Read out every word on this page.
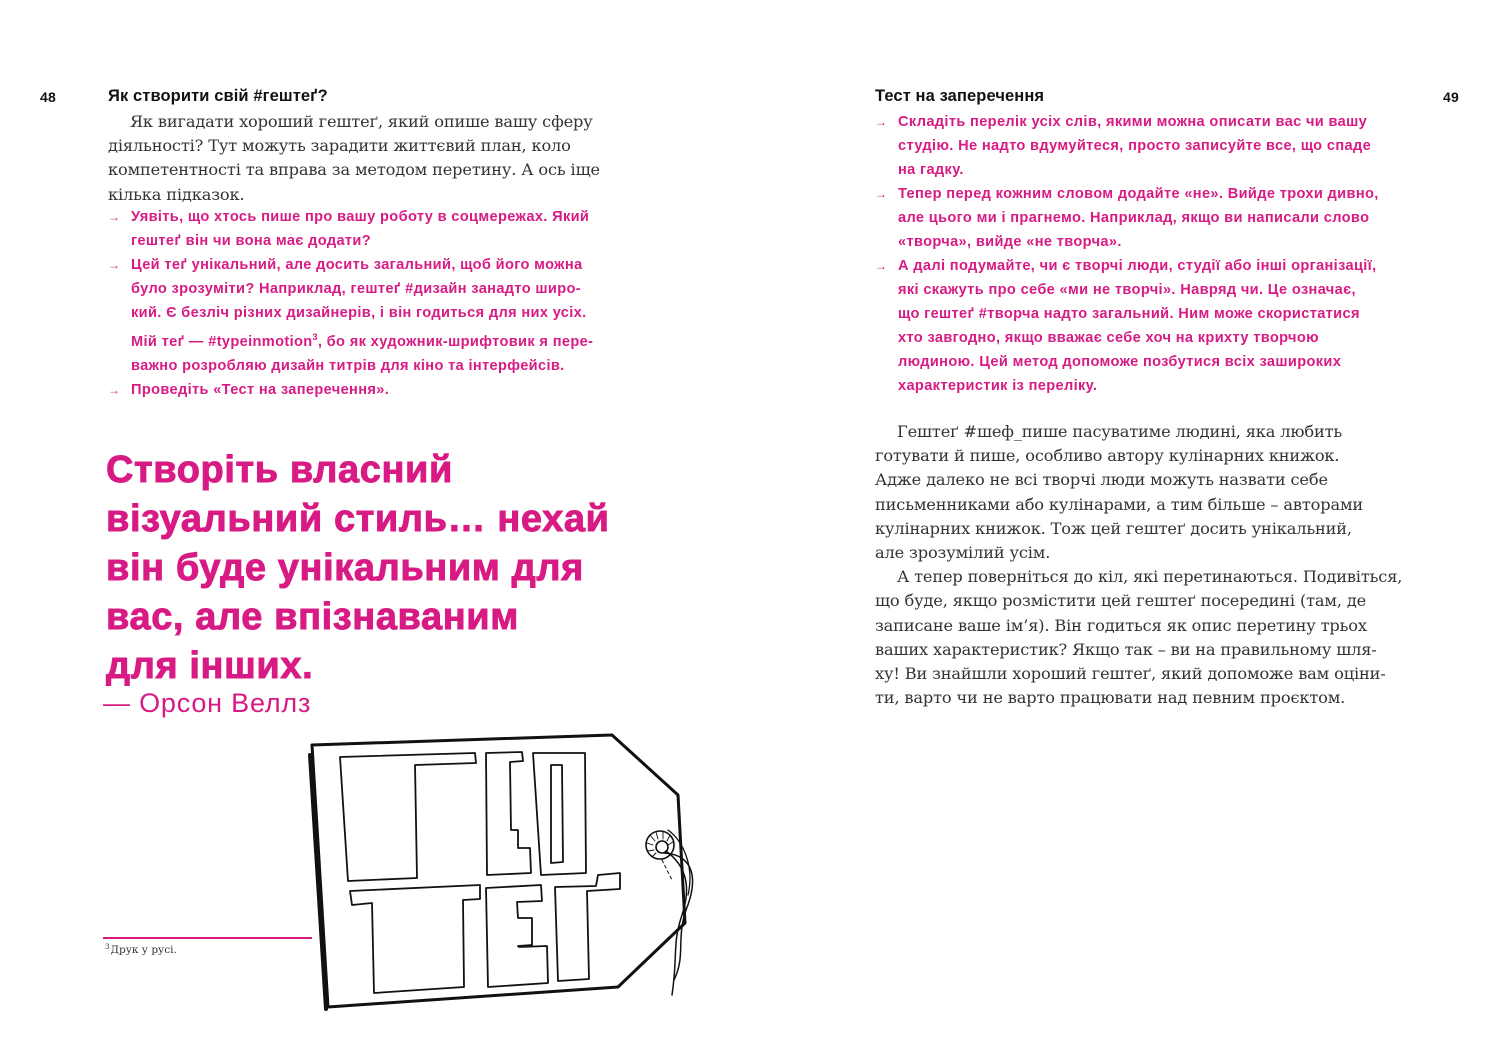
48	Як створити свій #гештеґ?

Як вигадати хороший гештеґ, який опише вашу сферу
діяльності? Тут можуть зарадити життєвий план, коло
компетентності та вправа за методом перетину. А ось іще
кілька підказок.

→ Уявіть, що хтось пише про вашу роботу в соцмережах. Який
гештеґ він чи вона має додати?
→ Цей теґ унікальний, але досить загальний, щоб його можна
було зрозуміти? Наприклад, гештеґ #дизайн занадто широ-
кий. Є безліч різних дизайнерів, і він годиться для них усіх.
Мій теґ — #typeinmotion$^3$, бо як художник-шрифтовик я пере-
важно розробляю дизайн титрів для кіно та інтерфейсів.
→ Проведіть «Тест на заперечення».
Створіть власний
візуальний стиль… нехай
він буде унікальним для
вас, але впізнаваним
для інших.

— Орсон Веллз

$^3$Друк у русі.

Тест на заперечення	49
→ Складіть перелік усіх слів, якими можна описати вас чи вашу
студію. Не надто вдумуйтеся, просто записуйте все, що спаде
на гадку.
→ Тепер перед кожним словом додайте «не». Вийде трохи дивно,
але цього ми і прагнемо. Наприклад, якщо ви написали слово
«творча», вийде «не творча».
→ А далі подумайте, чи є творчі люди, студії або інші організації,
які скажуть про себе «ми не творчі». Навряд чи. Це означає,
що гештеґ #творча надто загальний. Ним може скористатися
хто завгодно, якщо вважає себе хоч на крихту творчою
людиною. Цей метод допоможе позбутися всіх заширoких
характеристик із переліку.

Гештеґ #шеф_пише пасуватиме людині, яка любить
готувати й пише, особливо автору кулінарних книжок.
Адже далеко не всі творчі люди можуть назвати себе
письменниками або кулінарами, а тим більше – авторами
кулінарних книжок. Тож цей гештеґ досить унікальний,
але зрозумілий усім.
А тепер поверніться до кіл, які перетинаються. Подивіться,
що буде, якщо розмістити цей гештеґ посередині (там, де
записане ваше ім’я). Він годиться як опис перетину трьох
ваших характеристик? Якщо так – ви на правильному шля-
ху! Ви знайшли хороший гештеґ, який допоможе вам оціни-
ти, варто чи не варто працювати над певним проєктом.
